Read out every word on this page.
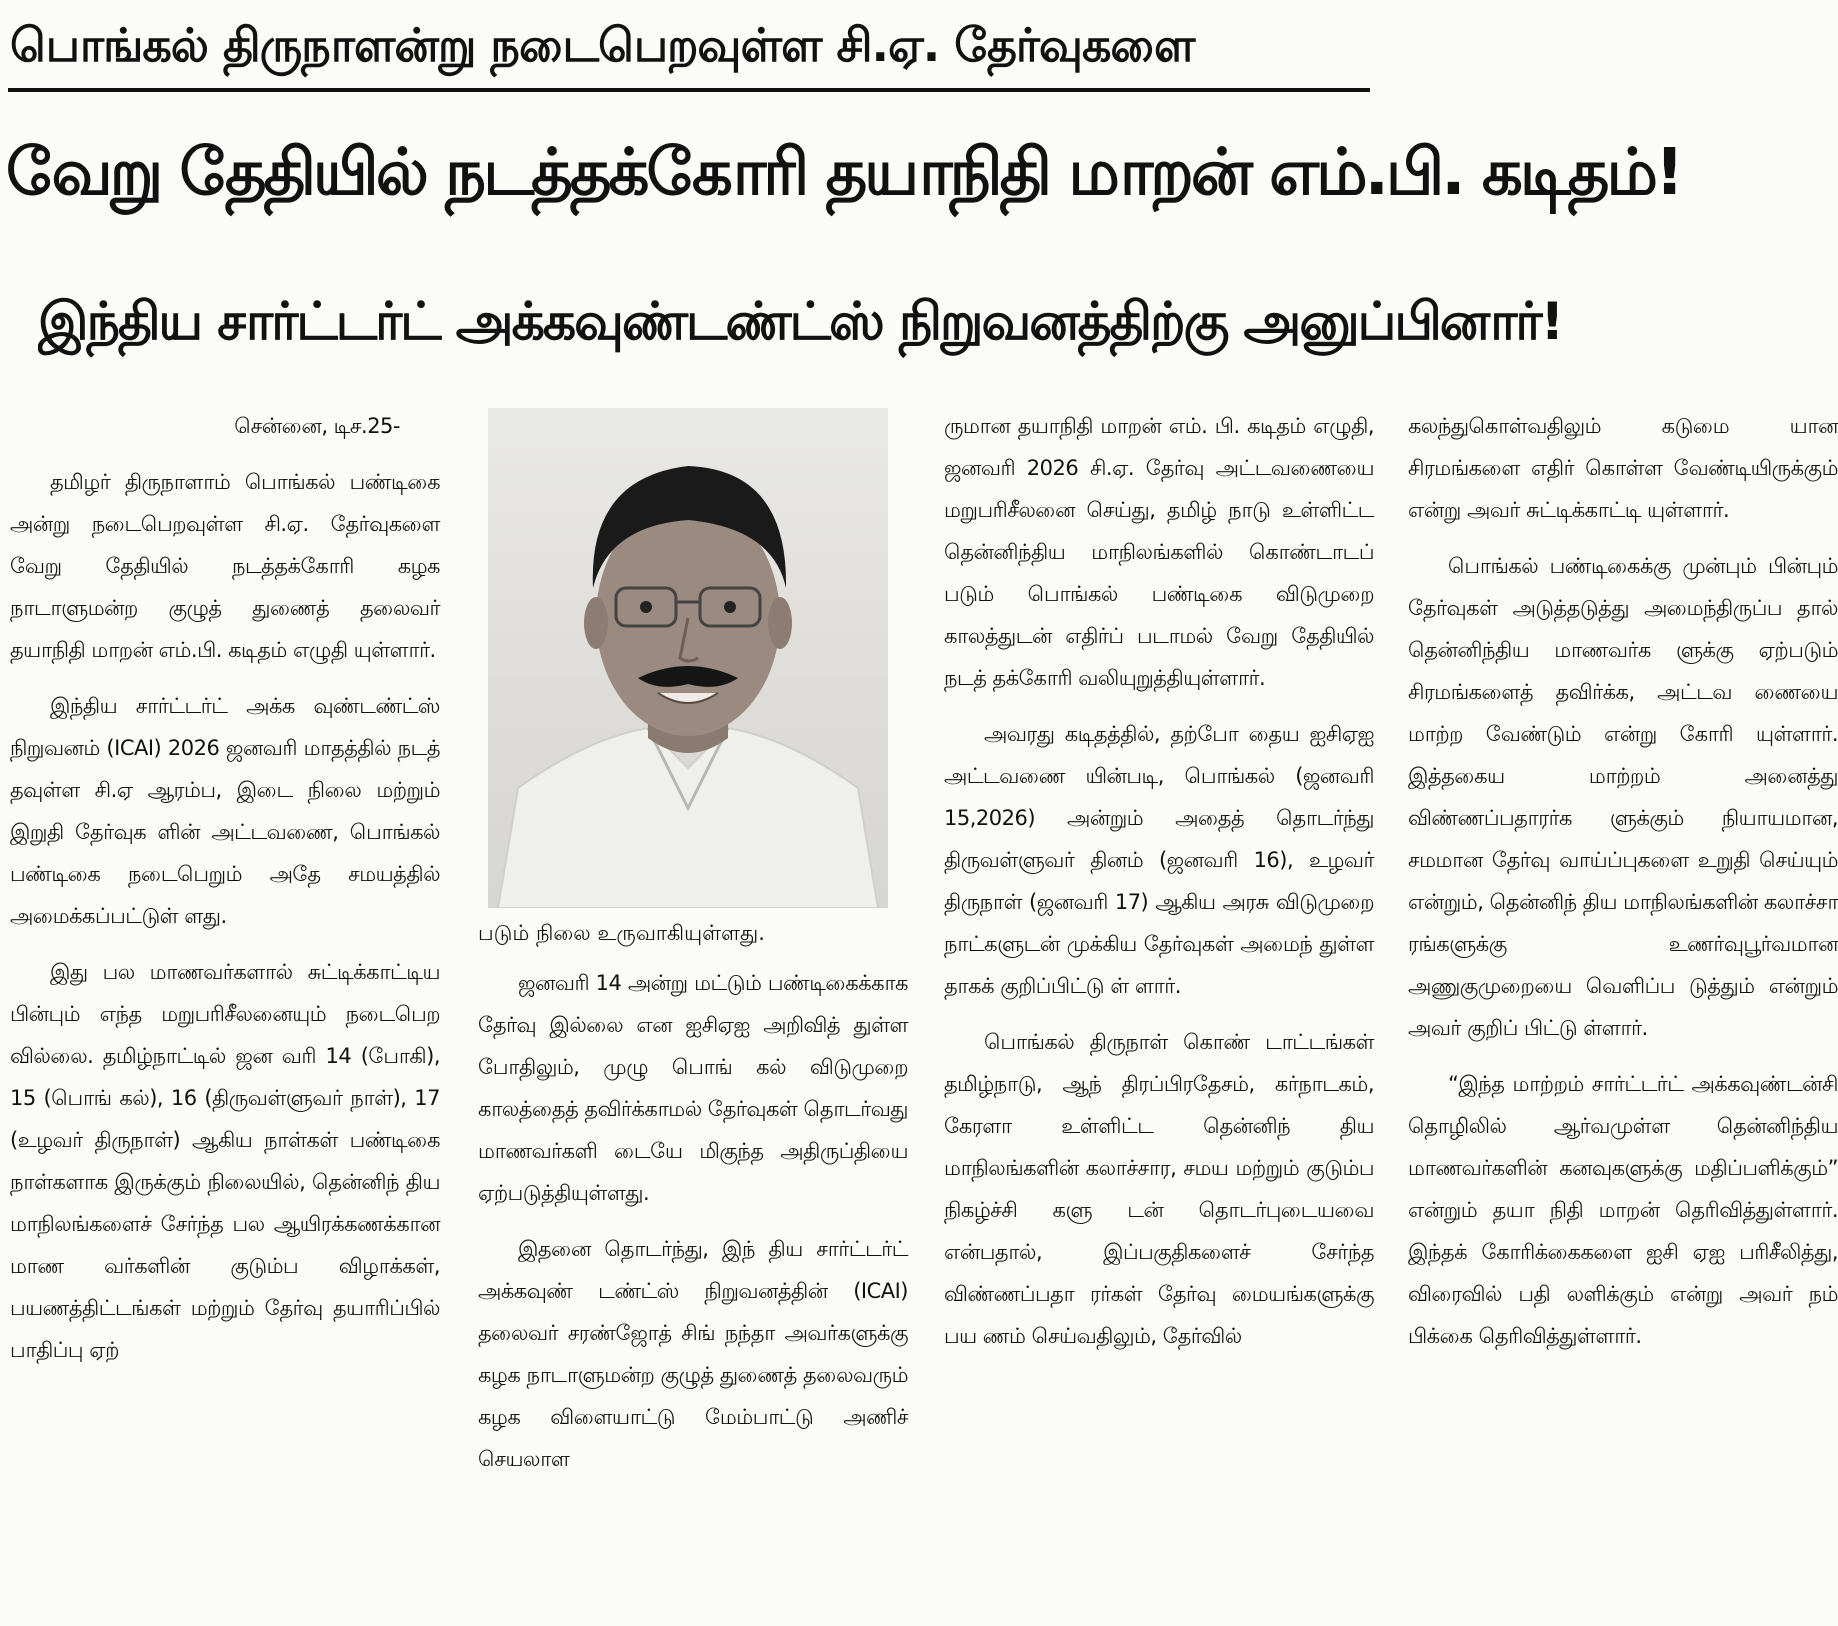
பொங்கல் திருநாளன்று நடைபெறவுள்ள சி.ஏ. தேர்வுகளை
வேறு தேதியில் நடத்தக்கோரி தயாநிதி மாறன் எம்.பி. கடிதம்!
இந்திய சார்ட்டர்ட் அக்கவுண்டண்ட்ஸ் நிறுவனத்திற்கு அனுப்பினார்!

சென்னை, டிச.25-

தமிழர் திருநாளாம் பொங்கல் பண்டிகை அன்று நடைபெறவுள்ள சி.ஏ. தேர்வுகளை வேறு தேதியில் நடத்தக்கோரி கழக நாடாளுமன்ற குழுத் துணைத் தலைவர் தயாநிதி மாறன் எம்.பி. கடிதம் எழுதி யுள்ளார்.

இந்திய சார்ட்டர்ட் அக்க வுண்டண்ட்ஸ் நிறுவனம் (ICAI) 2026 ஜனவரி மாதத்தில் நடத் தவுள்ள சி.ஏ ஆரம்ப, இடை நிலை மற்றும் இறுதி தேர்வுக ளின் அட்டவணை, பொங்கல் பண்டிகை நடைபெறும் அதே சமயத்தில் அமைக்கப்பட்டுள் ளது.

இது பல மாணவர்களால் சுட்டிக்காட்டிய பின்பும் எந்த மறுபரிசீலனையும் நடைபெற வில்லை. தமிழ்நாட்டில் ஜன வரி 14 (போகி), 15 (பொங் கல்), 16 (திருவள்ளுவர் நாள்), 17 (உழவர் திருநாள்) ஆகிய நாள்கள் பண்டிகை நாள்களாக இருக்கும் நிலையில், தென்னிந் திய மாநிலங்களைச் சேர்ந்த பல ஆயிரக்கணக்கான மாண வர்களின் குடும்ப விழாக்கள், பயணத்திட்டங்கள் மற்றும் தேர்வு தயாரிப்பில் பாதிப்பு ஏற்

படும் நிலை உருவாகியுள்ளது.

ஜனவரி 14 அன்று மட்டும் பண்டிகைக்காக தேர்வு இல்லை என ஐசிஏஐ அறிவித் துள்ள போதிலும், முழு பொங் கல் விடுமுறை காலத்தைத் தவிர்க்காமல் தேர்வுகள் தொடர்வது மாணவர்களி டையே மிகுந்த அதிருப்தியை ஏற்படுத்தியுள்ளது.

இதனை தொடர்ந்து, இந் திய சார்ட்டர்ட் அக்கவுண் டண்ட்ஸ் நிறுவனத்தின் (ICAI) தலைவர் சரண்ஜோத் சிங் நந்தா அவர்களுக்கு கழக நாடாளுமன்ற குழுத் துணைத் தலைவரும் கழக விளையாட்டு மேம்பாட்டு அணிச் செயலாள

ருமான தயாநிதி மாறன் எம். பி. கடிதம் எழுதி, ஜனவரி 2026 சி.ஏ. தேர்வு அட்டவணையை மறுபரிசீலனை செய்து, தமிழ் நாடு உள்ளிட்ட தென்னிந்திய மாநிலங்களில் கொண்டாடப் படும் பொங்கல் பண்டிகை விடுமுறை காலத்துடன் எதிர்ப் படாமல் வேறு தேதியில் நடத் தக்கோரி வலியுறுத்தியுள்ளார்.

அவரது கடிதத்தில், தற்போ தைய ஐசிஏஐ அட்டவணை யின்படி, பொங்கல் (ஜனவரி 15,2026) அன்றும் அதைத் தொடர்ந்து திருவள்ளுவர் தினம் (ஜனவரி 16), உழவர் திருநாள் (ஜனவரி 17) ஆகிய அரசு விடுமுறை நாட்களுடன் முக்கிய தேர்வுகள் அமைந் துள்ள தாகக் குறிப்பிட்டு ள் ளார்.

பொங்கல் திருநாள் கொண் டாட்டங்கள் தமிழ்நாடு, ஆந் திரப்பிரதேசம், கர்நாடகம், கேரளா உள்ளிட்ட தென்னிந் திய மாநிலங்களின் கலாச்சார, சமய மற்றும் குடும்ப நிகழ்ச்சி களு டன் தொடர்புடையவை என்பதால், இப்பகுதிகளைச் சேர்ந்த விண்ணப்பதா ரர்கள் தேர்வு மையங்களுக்கு பய ணம் செய்வதிலும், தேர்வில்

கலந்துகொள்வதிலும் கடுமை யான சிரமங்களை எதிர் கொள்ள வேண்டியிருக்கும் என்று அவர் சுட்டிக்காட்டி யுள்ளார்.

பொங்கல் பண்டிகைக்கு முன்பும் பின்பும் தேர்வுகள் அடுத்தடுத்து அமைந்திருப்ப தால் தென்னிந்திய மாணவர்க ளுக்கு ஏற்படும் சிரமங்களைத் தவிர்க்க, அட்டவ ணையை மாற்ற வேண்டும் என்று கோரி யுள்ளார். இத்தகைய மாற்றம் அனைத்து விண்ணப்பதாரர்க ளுக்கும் நியாயமான, சமமான தேர்வு வாய்ப்புகளை உறுதி செய்யும் என்றும், தென்னிந் திய மாநிலங்களின் கலாச்சா ரங்களுக்கு உணர்வுபூர்வமான அணுகுமுறையை வெளிப்ப டுத்தும் என்றும் அவர் குறிப் பிட்டு ள்ளார்.

“இந்த மாற்றம் சார்ட்டர்ட் அக்கவுண்டன்சி தொழிலில் ஆர்வமுள்ள தென்னிந்திய மாணவர்களின் கனவுகளுக்கு மதிப்பளிக்கும்” என்றும் தயா நிதி மாறன் தெரிவித்துள்ளார். இந்தக் கோரிக்கைகளை ஐசி ஏஐ பரிசீலித்து, விரைவில் பதி லளிக்கும் என்று அவர் நம் பிக்கை தெரிவித்துள்ளார்.
